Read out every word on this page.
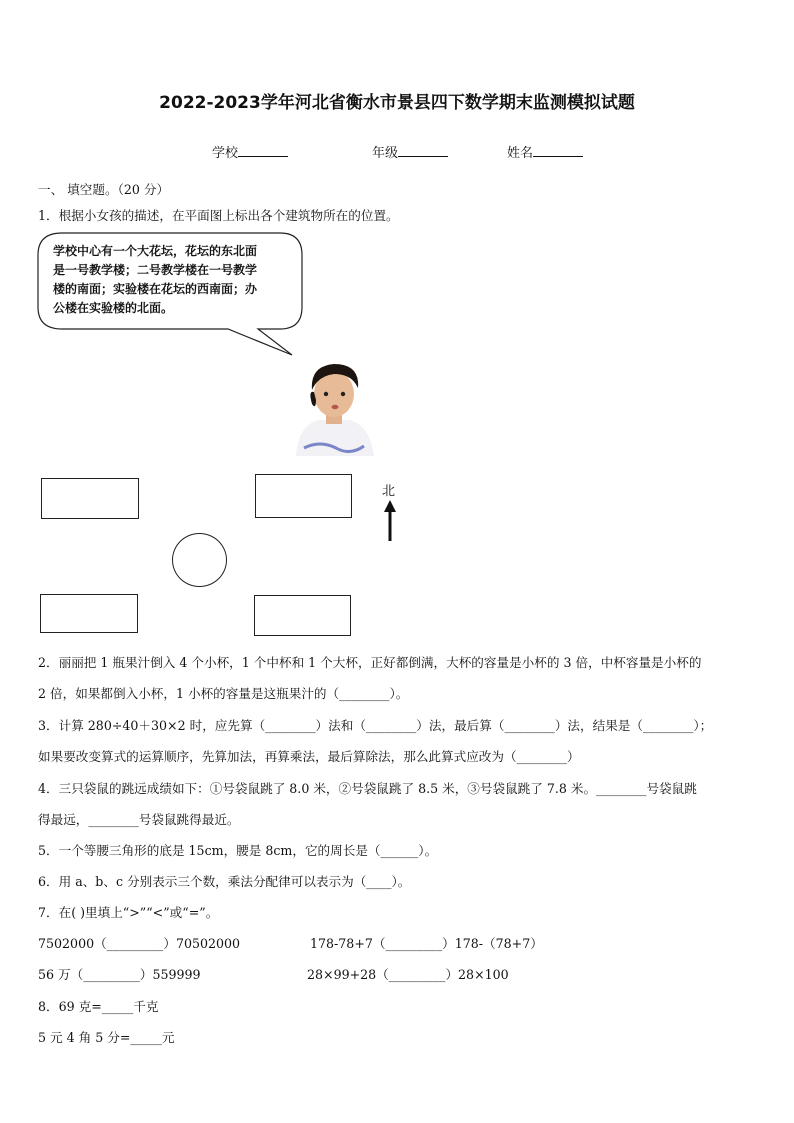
2022-2023学年河北省衡水市景县四下数学期末监测模拟试题
学校	年级	姓名
一、 填空题。（20 分）
1．根据小女孩的描述，在平面图上标出各个建筑物所在的位置。
学校中心有一个大花坛，花坛的东北面
是一号教学楼；二号教学楼在一号教学
楼的南面；实验楼在花坛的西南面；办
公楼在实验楼的北面。
北
2．丽丽把 1 瓶果汁倒入 4 个小杯，1 个中杯和 1 个大杯，正好都倒满，大杯的容量是小杯的 3 倍，中杯容量是小杯的
2 倍，如果都倒入小杯，1 小杯的容量是这瓶果汁的（________）。
3．计算 280÷40＋30×2 时，应先算（________）法和（________）法，最后算（________）法，结果是（________）；
如果要改变算式的运算顺序，先算加法，再算乘法，最后算除法，那么此算式应改为（________）
4．三只袋鼠的跳远成绩如下：①号袋鼠跳了 8.0 米，②号袋鼠跳了 8.5 米，③号袋鼠跳了 7.8 米。________号袋鼠跳
得最远，________号袋鼠跳得最近。
5．一个等腰三角形的底是 15cm，腰是 8cm，它的周长是（______）。
6．用 a、b、c 分别表示三个数，乘法分配律可以表示为（____）。
7．在( )里填上“>”“<”或“=”。
7502000（_________）70502000	178-78+7（_________）178-（78+7）
56 万（_________）559999	28×99+28（_________）28×100
8．69 克=_____千克
5 元 4 角 5 分=_____元
